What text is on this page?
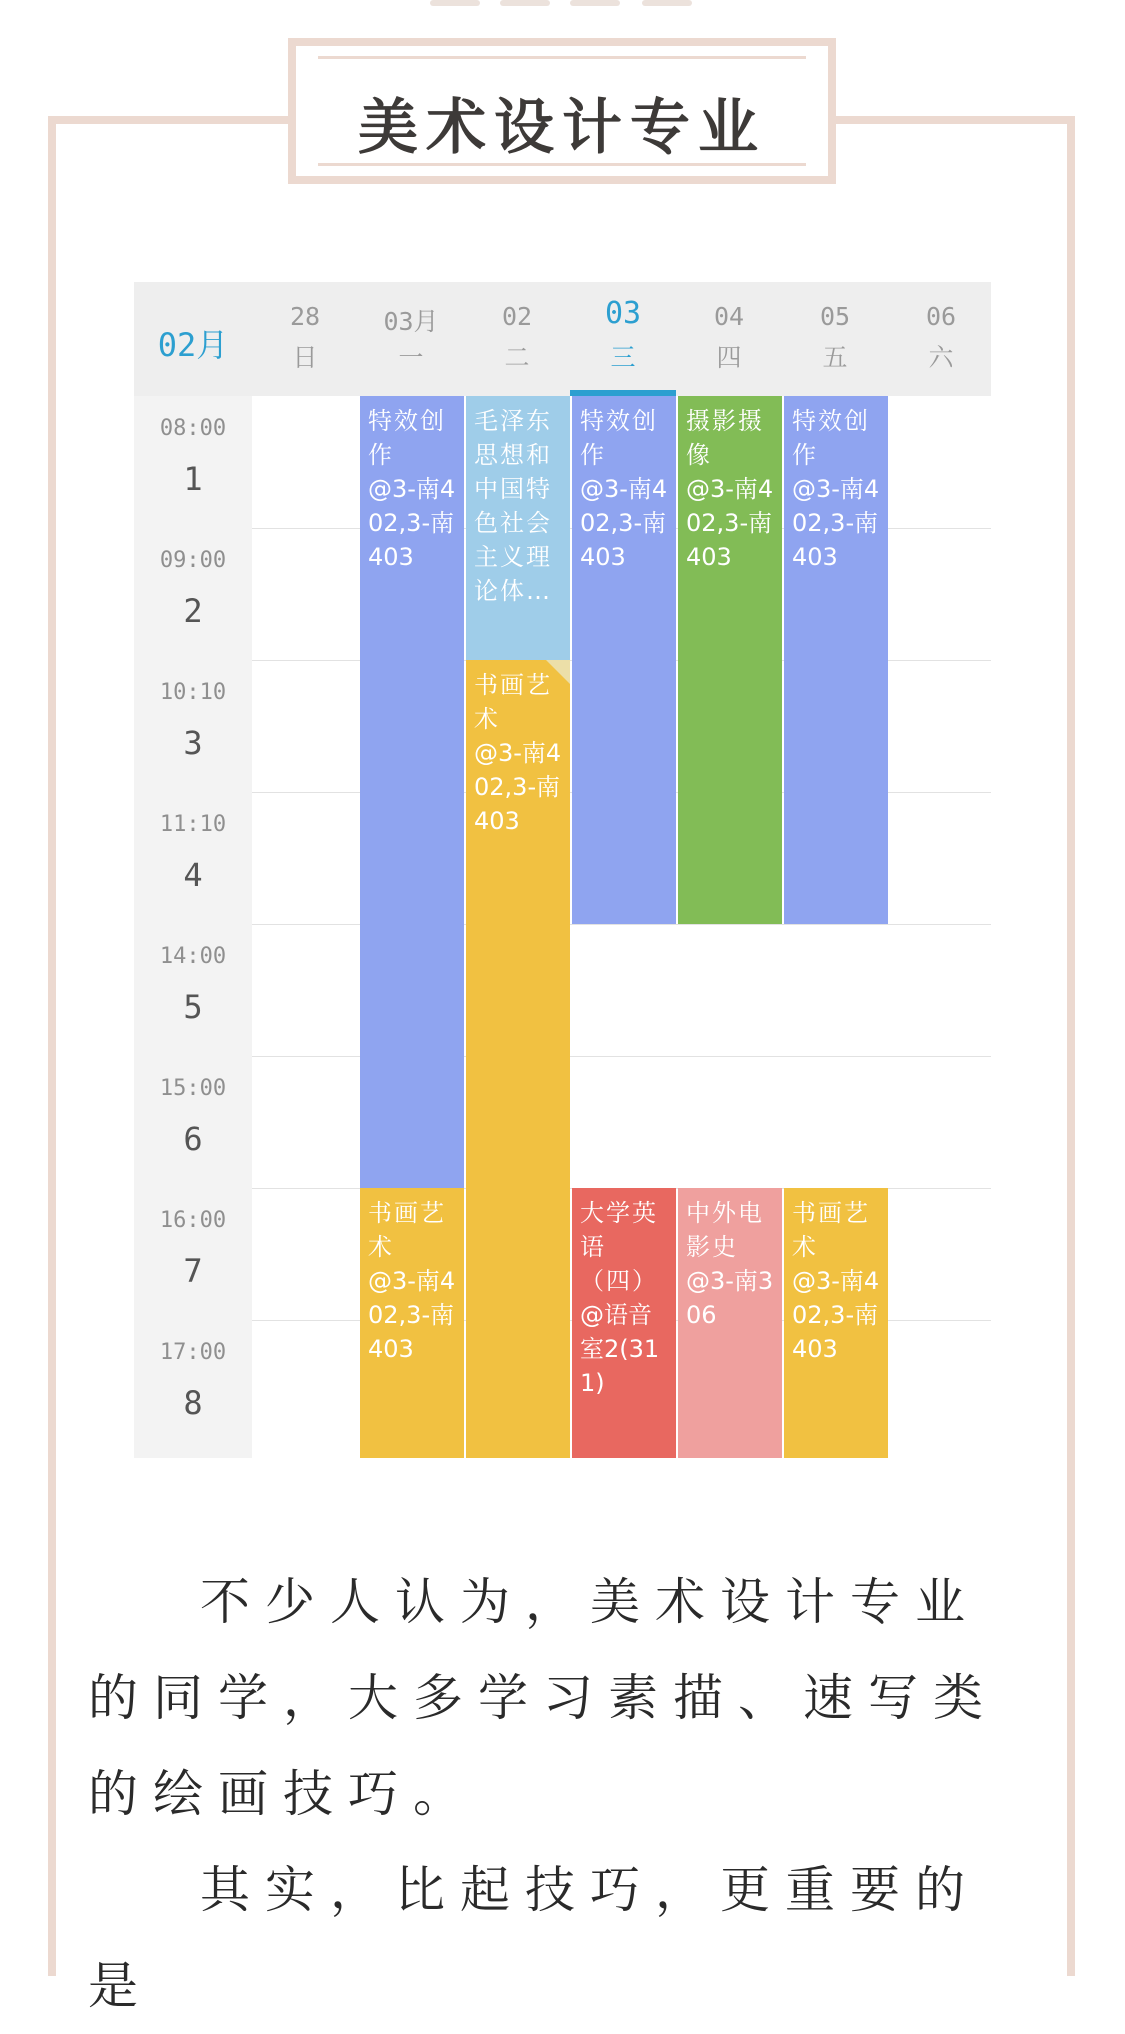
美术设计专业
02月
28
日
03月
一
02
二
03
三
04
四
05
五
06
六
08:00
1
09:00
2
10:10
3
11:10
4
14:00
5
15:00
6
16:00
7
17:00
8
特效创作
@3-南402,3-南403
书画艺术
@3-南402,3-南403
毛泽东思想和中国特色社会主义理论体…
书画艺术
@3-南402,3-南403
特效创作
@3-南402,3-南403
大学英语（四）
@语音室2(311)
摄影摄像
@3-南402,3-南403
中外电影史
@3-南306
特效创作
@3-南402,3-南403
书画艺术
@3-南402,3-南403
不少人认为，美术设计专业的同学，大多学习素描、速写类的绘画技巧。
其实，比起技巧，更重要的是
